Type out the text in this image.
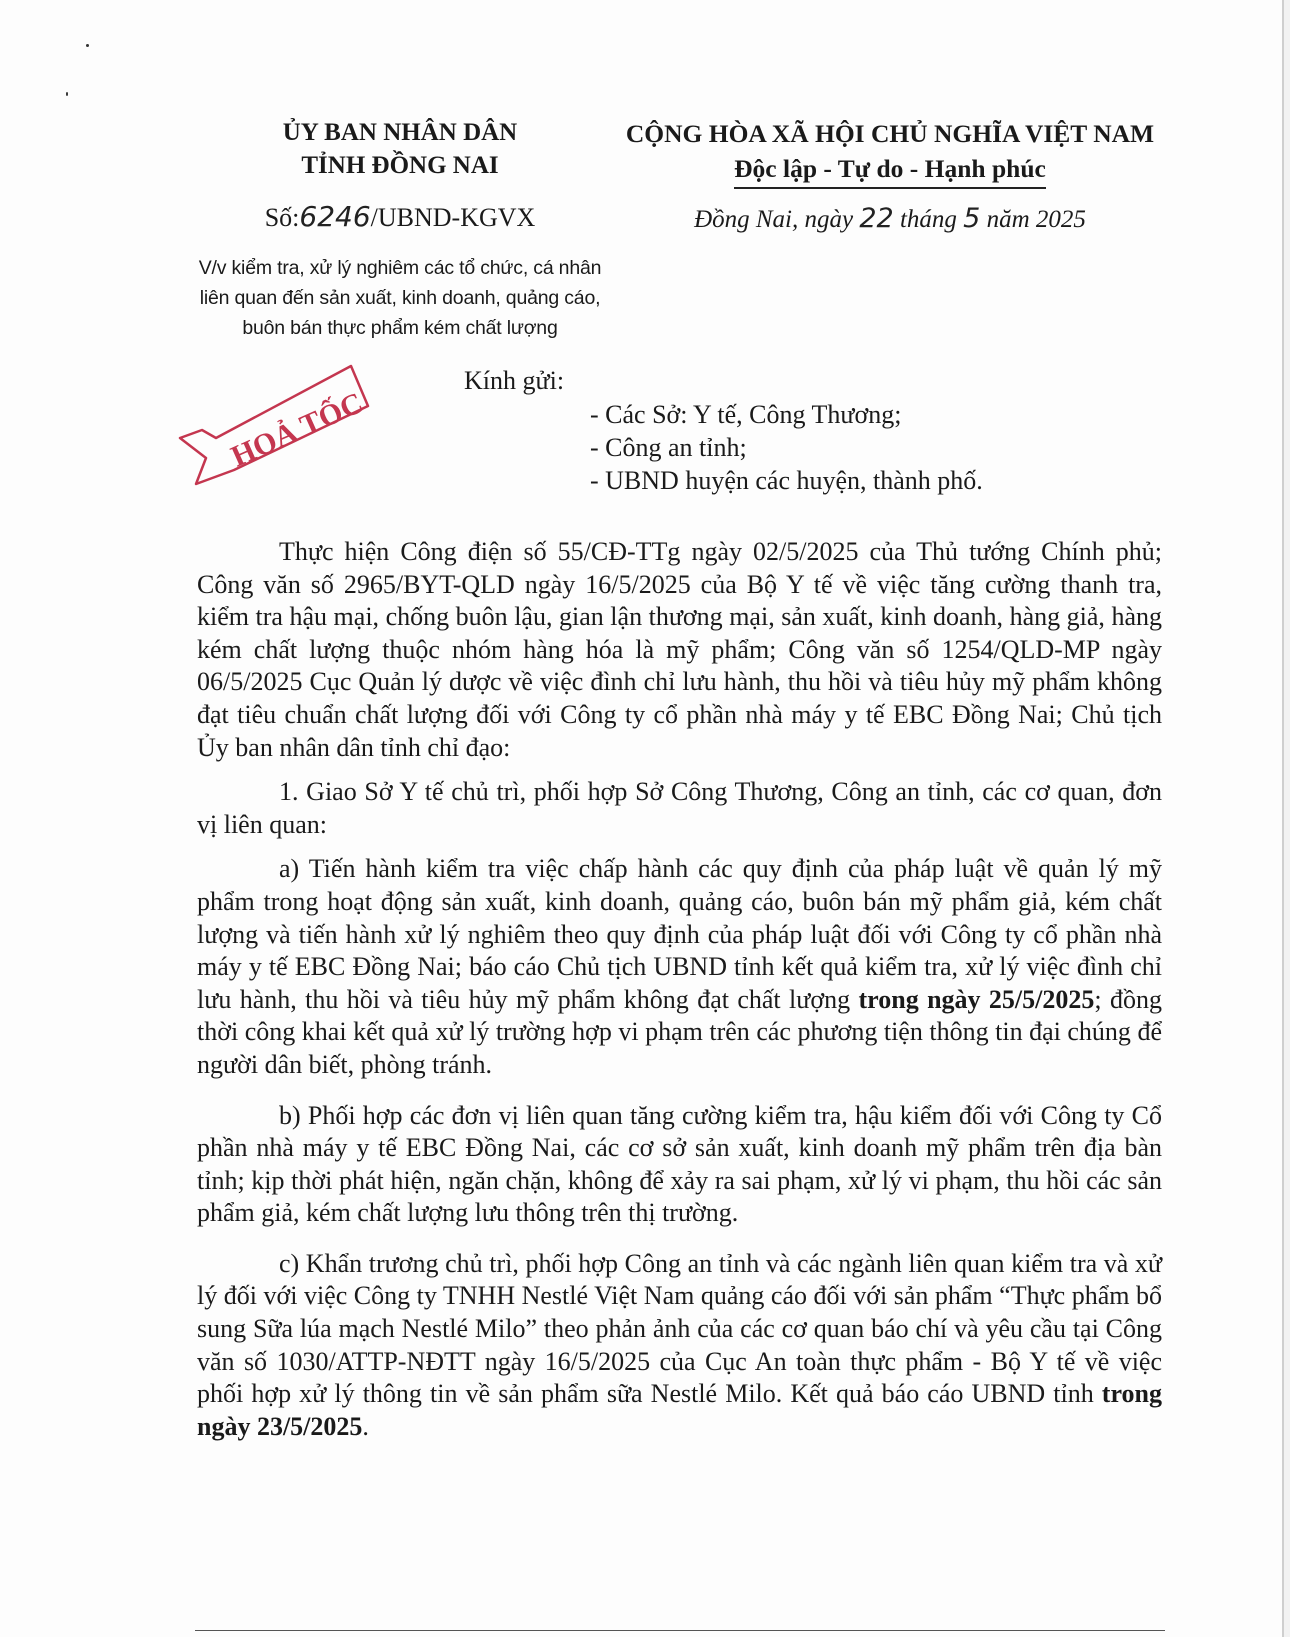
ỦY BAN NHÂN DÂN
TỈNH ĐỒNG NAI
Số:6246/UBND-KGVX
V/v kiểm tra, xử lý nghiêm các tổ chức, cá nhân
liên quan đến sản xuất, kinh doanh, quảng cáo,
buôn bán thực phẩm kém chất lượng
CỘNG HÒA XÃ HỘI CHỦ NGHĨA VIỆT NAM
Độc lập - Tự do - Hạnh phúc
Đồng Nai, ngày 22 tháng 5 năm 2025
HOẢ TỐC
Kính gửi:
- Các Sở: Y tế, Công Thương;
- Công an tỉnh;
- UBND huyện các huyện, thành phố.

Thực hiện Công điện số 55/CĐ-TTg ngày 02/5/2025 của Thủ tướng Chính phủ; Công văn số 2965/BYT-QLD ngày 16/5/2025 của Bộ Y tế về việc tăng cường thanh tra, kiểm tra hậu mại, chống buôn lậu, gian lận thương mại, sản xuất, kinh doanh, hàng giả, hàng kém chất lượng thuộc nhóm hàng hóa là mỹ phẩm; Công văn số 1254/QLD-MP ngày 06/5/2025 Cục Quản lý dược về việc đình chỉ lưu hành, thu hồi và tiêu hủy mỹ phẩm không đạt tiêu chuẩn chất lượng đối với Công ty cổ phần nhà máy y tế EBC Đồng Nai; Chủ tịch Ủy ban nhân dân tỉnh chỉ đạo:

1. Giao Sở Y tế chủ trì, phối hợp Sở Công Thương, Công an tỉnh, các cơ quan, đơn vị liên quan:

a) Tiến hành kiểm tra việc chấp hành các quy định của pháp luật về quản lý mỹ phẩm trong hoạt động sản xuất, kinh doanh, quảng cáo, buôn bán mỹ phẩm giả, kém chất lượng và tiến hành xử lý nghiêm theo quy định của pháp luật đối với Công ty cổ phần nhà máy y tế EBC Đồng Nai; báo cáo Chủ tịch UBND tỉnh kết quả kiểm tra, xử lý việc đình chỉ lưu hành, thu hồi và tiêu hủy mỹ phẩm không đạt chất lượng trong ngày 25/5/2025; đồng thời công khai kết quả xử lý trường hợp vi phạm trên các phương tiện thông tin đại chúng để người dân biết, phòng tránh.

b) Phối hợp các đơn vị liên quan tăng cường kiểm tra, hậu kiểm đối với Công ty Cổ phần nhà máy y tế EBC Đồng Nai, các cơ sở sản xuất, kinh doanh mỹ phẩm trên địa bàn tỉnh; kịp thời phát hiện, ngăn chặn, không để xảy ra sai phạm, xử lý vi phạm, thu hồi các sản phẩm giả, kém chất lượng lưu thông trên thị trường.

c) Khẩn trương chủ trì, phối hợp Công an tỉnh và các ngành liên quan kiểm tra và xử lý đối với việc Công ty TNHH Nestlé Việt Nam quảng cáo đối với sản phẩm “Thực phẩm bổ sung Sữa lúa mạch Nestlé Milo” theo phản ảnh của các cơ quan báo chí và yêu cầu tại Công văn số 1030/ATTP-NĐTT ngày 16/5/2025 của Cục An toàn thực phẩm - Bộ Y tế về việc phối hợp xử lý thông tin về sản phẩm sữa Nestlé Milo. Kết quả báo cáo UBND tỉnh trong ngày 23/5/2025.
